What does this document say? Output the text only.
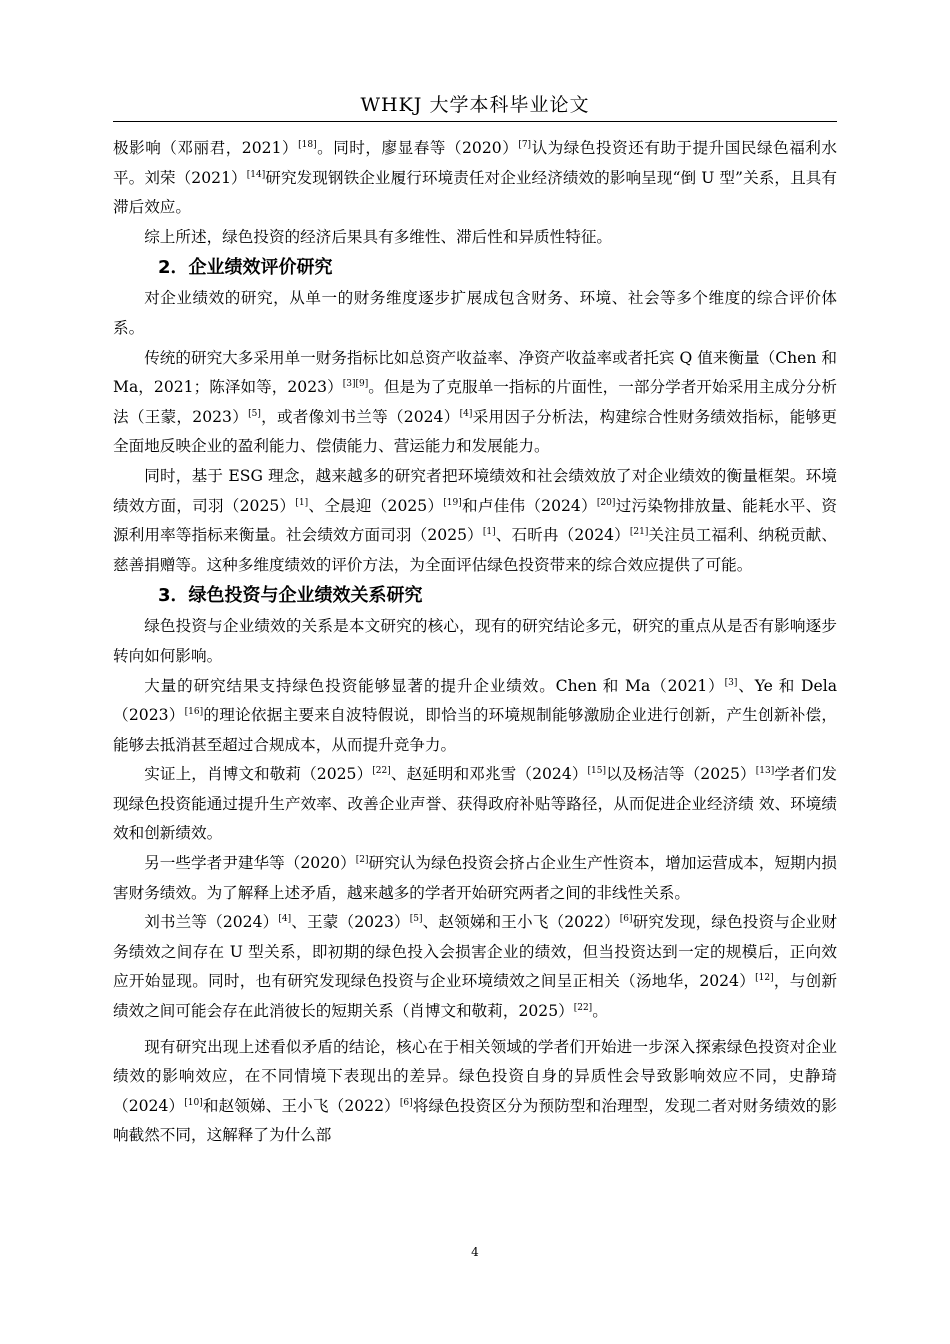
WHKJ 大学本科毕业论文

极影响（邓丽君，2021）[18]。同时，廖显春等（2020）[7]认为绿色投资还有助于提升国民绿色福利水平。刘荣（2021）[14]研究发现钢铁企业履行环境责任对企业经济绩效的影响呈现“倒 U 型”关系，且具有滞后效应。

综上所述，绿色投资的经济后果具有多维性、滞后性和异质性特征。

2．企业绩效评价研究

对企业绩效的研究，从单一的财务维度逐步扩展成包含财务、环境、社会等多个维度的综合评价体系。

传统的研究大多采用单一财务指标比如总资产收益率、净资产收益率或者托宾 Q 值来衡量（Chen 和 Ma，2021；陈泽如等，2023）[3][9]。但是为了克服单一指标的片面性，一部分学者开始采用主成分分析法（王蒙，2023）[5]，或者像刘书兰等（2024）[4]采用因子分析法，构建综合性财务绩效指标，能够更全面地反映企业的盈利能力、偿债能力、营运能力和发展能力。

同时，基于 ESG 理念，越来越多的研究者把环境绩效和社会绩效放了对企业绩效的衡量框架。环境绩效方面，司羽（2025）[1]、仝晨迎（2025）[19]和卢佳伟（2024）[20]过污染物排放量、能耗水平、资源利用率等指标来衡量。社会绩效方面司羽（2025）[1]、石昕冉（2024）[21]关注员工福利、纳税贡献、慈善捐赠等。这种多维度绩效的评价方法，为全面评估绿色投资带来的综合效应提供了可能。

3．绿色投资与企业绩效关系研究

绿色投资与企业绩效的关系是本文研究的核心，现有的研究结论多元，研究的重点从是否有影响逐步转向如何影响。

大量的研究结果支持绿色投资能够显著的提升企业绩效。Chen 和 Ma（2021）[3]、Ye 和 Dela（2023）[16]的理论依据主要来自波特假说，即恰当的环境规制能够激励企业进行创新，产生创新补偿，能够去抵消甚至超过合规成本，从而提升竞争力。

实证上，肖博文和敬莉（2025）[22]、赵延明和邓兆雪（2024）[15]以及杨洁等（2025）[13]学者们发现绿色投资能通过提升生产效率、改善企业声誉、获得政府补贴等路径，从而促进企业经济绩 效、环境绩效和创新绩效。

另一些学者尹建华等（2020）[2]研究认为绿色投资会挤占企业生产性资本，增加运营成本，短期内损害财务绩效。为了解释上述矛盾，越来越多的学者开始研究两者之间的非线性关系。

刘书兰等（2024）[4]、王蒙（2023）[5]、赵领娣和王小飞（2022）[6]研究发现，绿色投资与企业财务绩效之间存在 U 型关系，即初期的绿色投入会损害企业的绩效，但当投资达到一定的规模后，正向效应开始显现。同时，也有研究发现绿色投资与企业环境绩效之间呈正相关（汤地华，2024）[12]，与创新绩效之间可能会存在此消彼长的短期关系（肖博文和敬莉，2025）[22]。

现有研究出现上述看似矛盾的结论，核心在于相关领域的学者们开始进一步深入探索绿色投资对企业绩效的影响效应，在不同情境下表现出的差异。绿色投资自身的异质性会导致影响效应不同，史静琦（2024）[10]和赵领娣、王小飞（2022）[6]将绿色投资区分为预防型和治理型，发现二者对财务绩效的影响截然不同，这解释了为什么部

4
